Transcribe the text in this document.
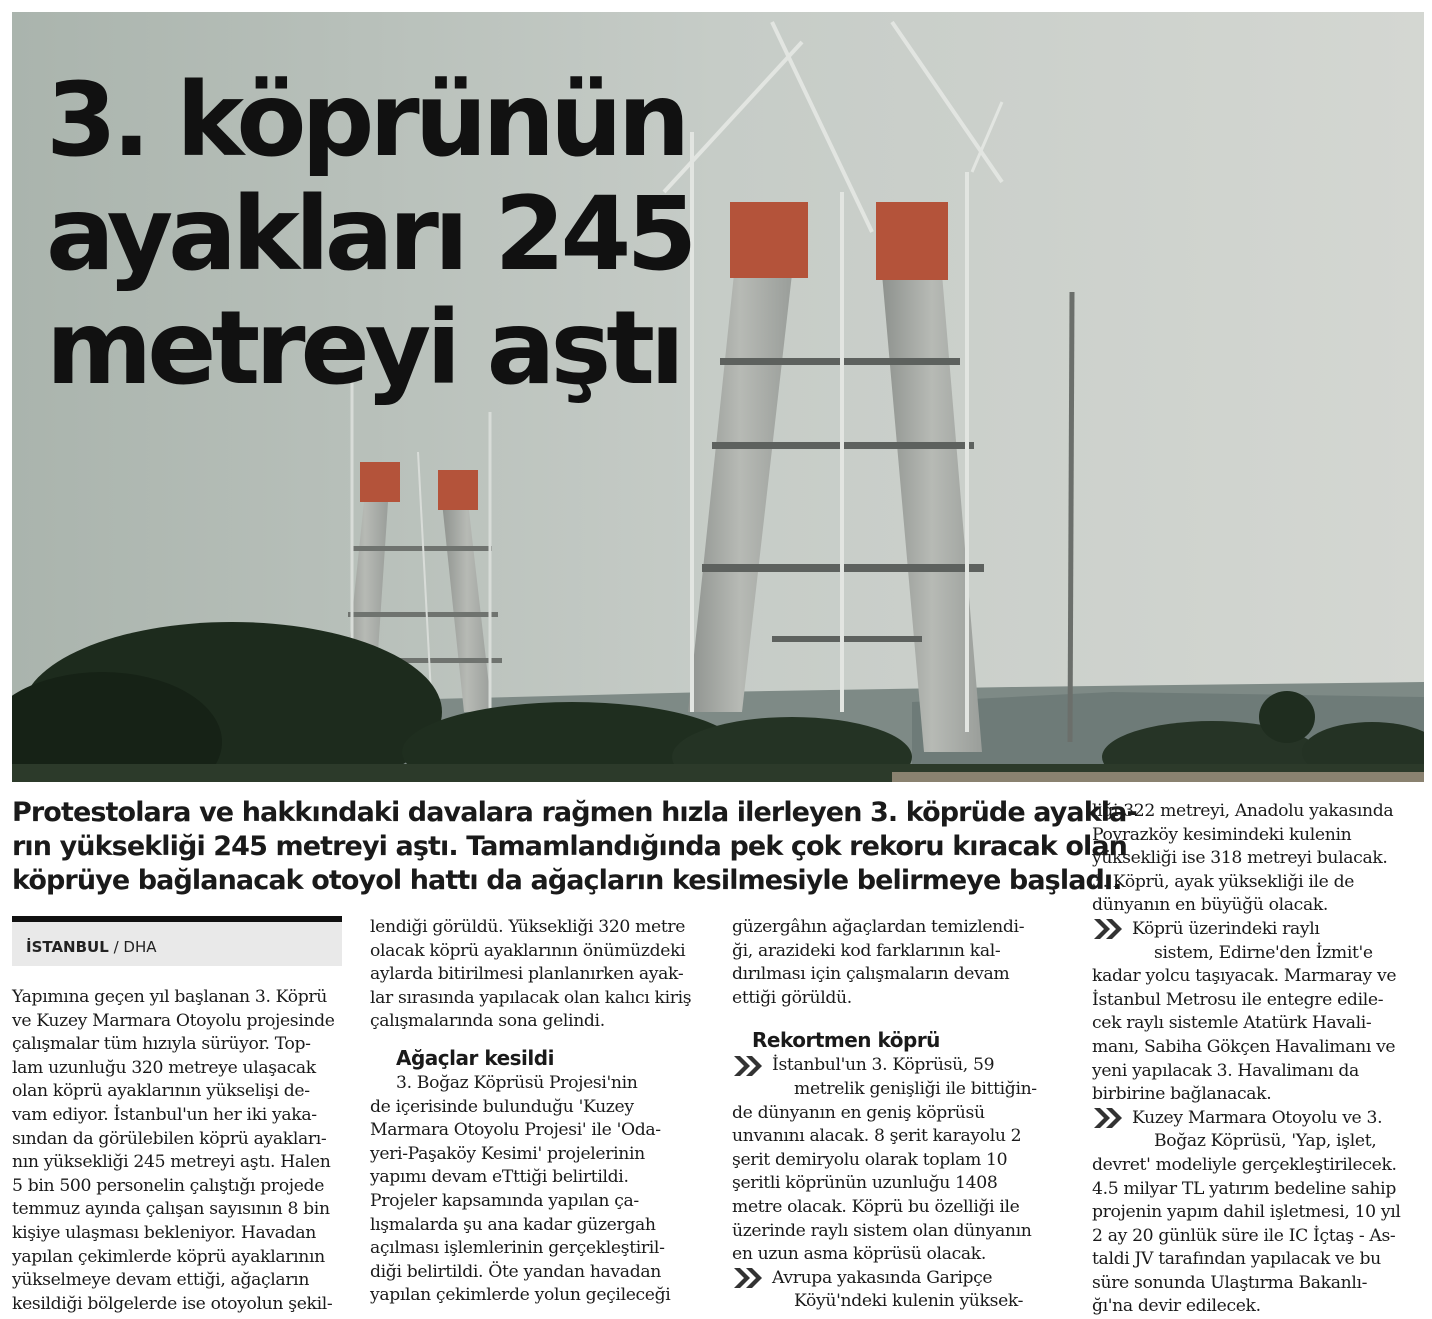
3. köprünün
ayakları 245
metreyi aştı

Protestolara ve hakkındaki davalara rağmen hızla ilerleyen 3. köprüde ayakla-
rın yüksekliği 245 metreyi aştı. Tamamlandığında pek çok rekoru kıracak olan
köprüye bağlanacak otoyol hattı da ağaçların kesilmesiyle belirmeye başladı.

İSTANBUL / DHA

Yapımına geçen yıl başlanan 3. Köprü
ve Kuzey Marmara Otoyolu projesinde
çalışmalar tüm hızıyla sürüyor. Top-
lam uzunluğu 320 metreye ulaşacak
olan köprü ayaklarının yükselişi de-
vam ediyor. İstanbul'un her iki yaka-
sından da görülebilen köprü ayakları-
nın yüksekliği 245 metreyi aştı. Halen
5 bin 500 personelin çalıştığı projede
temmuz ayında çalışan sayısının 8 bin
kişiye ulaşması bekleniyor. Havadan
yapılan çekimlerde köprü ayaklarının
yükselmeye devam ettiği, ağaçların
kesildiği bölgelerde ise otoyolun şekil-

lendiği görüldü. Yüksekliği 320 metre
olacak köprü ayaklarının önümüzdeki
aylarda bitirilmesi planlanırken ayak-
lar sırasında yapılacak olan kalıcı kiriş
çalışmalarında sona gelindi.

Ağaçlar kesildi

3. Boğaz Köprüsü Projesi'nin
de içerisinde bulunduğu 'Kuzey
Marmara Otoyolu Projesi' ile 'Oda-
yeri-Paşaköy Kesimi' projelerinin
yapımı devam eTttiği belirtildi.
Projeler kapsamında yapılan ça-
lışmalarda şu ana kadar güzergah
açılması işlemlerinin gerçekleştiril-
diği belirtildi. Öte yandan havadan
yapılan çekimlerde yolun geçileceği

güzergâhın ağaçlardan temizlendi-
ği, arazideki kod farklarının kal-
dırılması için çalışmaların devam
ettiği görüldü.

Rekortmen köprü

İstanbul'un 3. Köprüsü, 59
metrelik genişliği ile bittiğin-
de dünyanın en geniş köprüsü
unvanını alacak. 8 şerit karayolu 2
şerit demiryolu olarak toplam 10
şeritli köprünün uzunluğu 1408
metre olacak. Köprü bu özelliği ile
üzerinde raylı sistem olan dünyanın
en uzun asma köprüsü olacak.

Avrupa yakasında Garipçe
Köyü'ndeki kulenin yüksek-

liği 322 metreyi, Anadolu yakasında
Poyrazköy kesimindeki kulenin
yüksekliği ise 318 metreyi bulacak.
3. Köprü, ayak yüksekliği ile de
dünyanın en büyüğü olacak.

Köprü üzerindeki raylı
sistem, Edirne'den İzmit'e
kadar yolcu taşıyacak. Marmaray ve
İstanbul Metrosu ile entegre edile-
cek raylı sistemle Atatürk Havali-
manı, Sabiha Gökçen Havalimanı ve
yeni yapılacak 3. Havalimanı da
birbirine bağlanacak.

Kuzey Marmara Otoyolu ve 3.
Boğaz Köprüsü, 'Yap, işlet,
devret' modeliyle gerçekleştirilecek.
4.5 milyar TL yatırım bedeline sahip
projenin yapım dahil işletmesi, 10 yıl
2 ay 20 günlük süre ile IC İçtaş - As-
taldi JV tarafından yapılacak ve bu
süre sonunda Ulaştırma Bakanlı-
ğı'na devir edilecek.
